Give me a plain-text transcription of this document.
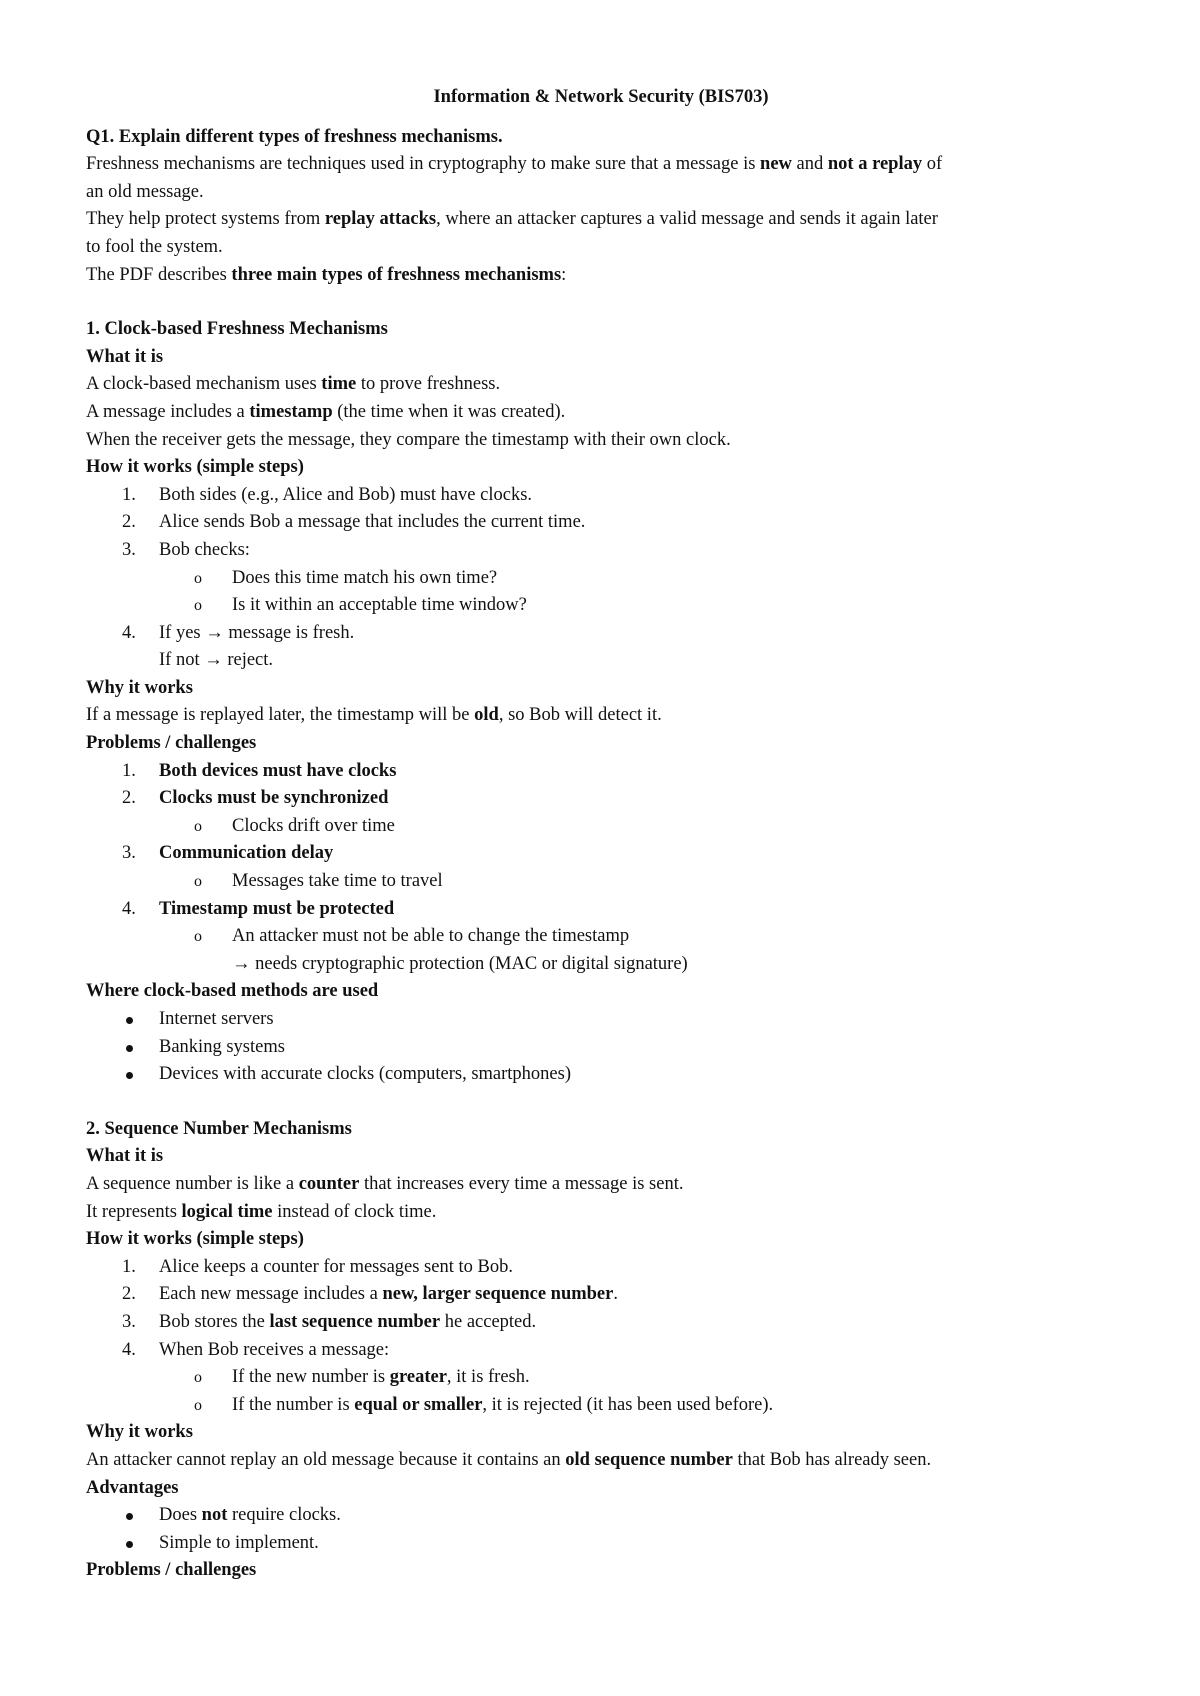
Information & Network Security (BIS703)

Q1. Explain different types of freshness mechanisms.

Freshness mechanisms are techniques used in cryptography to make sure that a message is new and not a replay of

an old message.

They help protect systems from replay attacks, where an attacker captures a valid message and sends it again later

to fool the system.

The PDF describes three main types of freshness mechanisms:

1. Clock-based Freshness Mechanisms

What it is

A clock-based mechanism uses time to prove freshness.

A message includes a timestamp (the time when it was created).

When the receiver gets the message, they compare the timestamp with their own clock.

How it works (simple steps)

1.	Both sides (e.g., Alice and Bob) must have clocks.

2.	Alice sends Bob a message that includes the current time.

3.	Bob checks:

o	Does this time match his own time?

o	Is it within an acceptable time window?

4.	If yes → message is fresh.

If not → reject.

Why it works

If a message is replayed later, the timestamp will be old, so Bob will detect it.

Problems / challenges

1.	Both devices must have clocks

2.	Clocks must be synchronized

o	Clocks drift over time

3.	Communication delay

o	Messages take time to travel

4.	Timestamp must be protected

o	An attacker must not be able to change the timestamp

→ needs cryptographic protection (MAC or digital signature)

Where clock-based methods are used

Internet servers

Banking systems

Devices with accurate clocks (computers, smartphones)

2. Sequence Number Mechanisms

What it is

A sequence number is like a counter that increases every time a message is sent.

It represents logical time instead of clock time.

How it works (simple steps)

1.	Alice keeps a counter for messages sent to Bob.

2.	Each new message includes a new, larger sequence number.

3.	Bob stores the last sequence number he accepted.

4.	When Bob receives a message:

o	If the new number is greater, it is fresh.

o	If the number is equal or smaller, it is rejected (it has been used before).

Why it works

An attacker cannot replay an old message because it contains an old sequence number that Bob has already seen.

Advantages

Does not require clocks.

Simple to implement.

Problems / challenges
